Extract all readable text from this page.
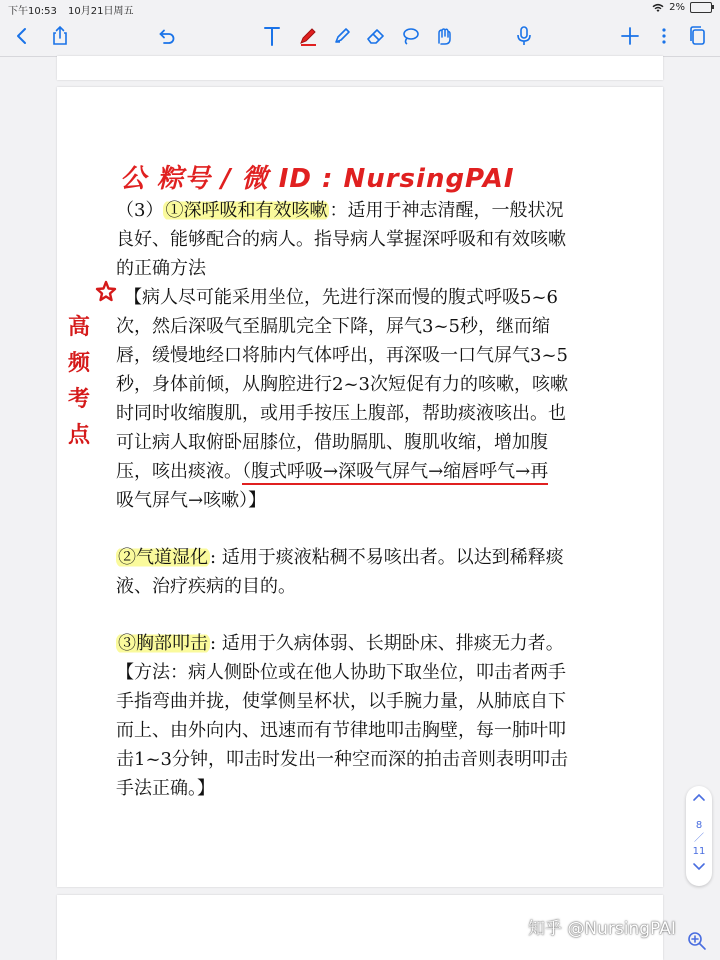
下午10:53 10月21日周五	2%
公 粽号 / 微 ID : NursingPAI
高频考点
（3） ①深呼吸和有效咳嗽 ：适用于神志清醒，一般状况
良好、能够配合的病人。指导病人掌握深呼吸和有效咳嗽
的正确方法
【病人尽可能采用坐位，先进行深而慢的腹式呼吸5~6
次，然后深吸气至膈肌完全下降，屏气3~5秒，继而缩
唇，缓慢地经口将肺内气体呼出，再深吸一口气屏气3~5
秒，身体前倾，从胸腔进行2~3次短促有力的咳嗽，咳嗽
时同时收缩腹肌，或用手按压上腹部，帮助痰液咳出。也
可让病人取俯卧屈膝位，借助膈肌、腹肌收缩，增加腹
压，咳出痰液。（腹式呼吸→深吸气屏气→缩唇呼气→再
吸气屏气→咳嗽）】
②气道湿化 : 适用于痰液粘稠不易咳出者。以达到稀释痰
液、治疗疾病的目的。
③胸部叩击 : 适用于久病体弱、长期卧床、排痰无力者。
【方法：病人侧卧位或在他人协助下取坐位，叩击者两手
手指弯曲并拢，使掌侧呈杯状，以手腕力量，从肺底自下
而上、由外向内、迅速而有节律地叩击胸壁，每一肺叶叩
击1~3分钟，叩击时发出一种空而深的拍击音则表明叩击
手法正确。】
8
／
11
知乎 @NursingPAI
